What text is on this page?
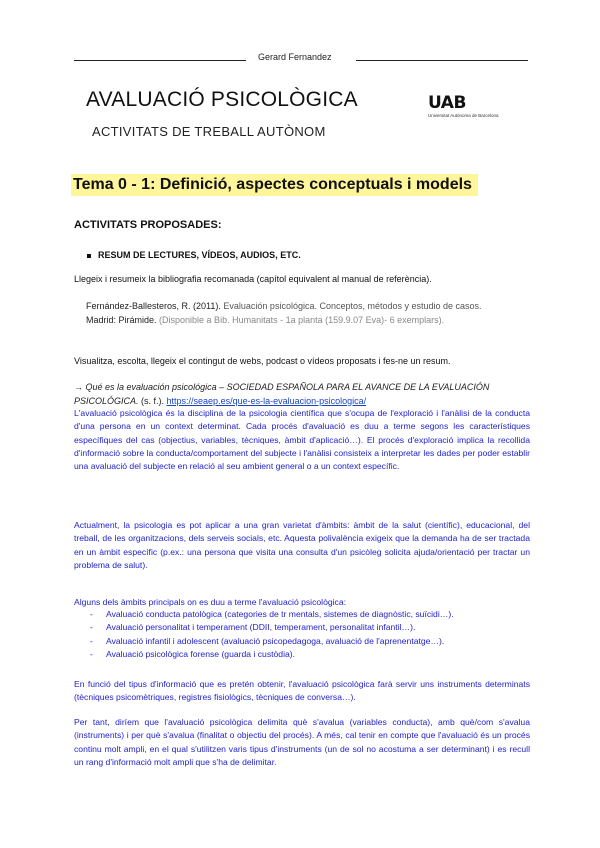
Gerard Fernandez
AVALUACIÓ PSICOLÒGICA
ACTIVITATS DE TREBALL AUTÒNOM
UAB
Universitat Autònoma de Barcelona
Tema 0 - 1: Definició, aspectes conceptuals i models
ACTIVITATS PROPOSADES:
RESUM DE LECTURES, VÍDEOS, AUDIOS, ETC.
Llegeix i resumeix la bibliografia recomanada (capítol equivalent al manual de referència).
Fernández-Ballesteros, R. (2011). Evaluación psicológica. Conceptos, métodos y estudio de casos.
Madrid: Pirámide. (Disponible a Bib. Humanitats - 1a planta (159.9.07 Eva)- 6 exemplars).
Visualitza, escolta, llegeix el contingut de webs, podcast o vídeos proposats i fes-ne un resum.
→ Qué es la evaluación psicológica – SOCIEDAD ESPAÑOLA PARA EL AVANCE DE LA EVALUACIÓN PSICOLÓGICA. (s. f.). https://seaep.es/que-es-la-evaluacion-psicologica/
L'avaluació psicològica és la disciplina de la psicologia científica que s'ocupa de l'exploració i l'anàlisi de la conducta d'una persona en un context determinat. Cada procés d'avaluació es duu a terme segons les característiques específiques del cas (objectius, variables, tècniques, àmbit d'aplicació…). El procés d'exploració implica la recollida d'informació sobre la conducta/comportament del subjecte i l'anàlisi consisteix a interpretar les dades per poder establir una avaluació del subjecte en relació al seu ambient general o a un context específic.
Actualment, la psicologia es pot aplicar a una gran varietat d'àmbits: àmbit de la salut (científic), educacional, del treball, de les organitzacions, dels serveis socials, etc. Aquesta polivalència exigeix que la demanda ha de ser tractada en un àmbit específic (p.ex.: una persona que visita una consulta d'un psicòleg solicita ajuda/orientació per tractar un problema de salut).
Alguns dels àmbits principals on es duu a terme l'avaluació psicològica:
- Avaluació conducta patològica (categories de tr mentals, sistemes de diagnòstic, suïcidi…).
- Avaluació personalitat i temperament (DDII, temperament, personalitat infantil…).
- Avaluació infantil i adolescent (avaluació psicopedagoga, avaluació de l'aprenentatge…).
- Avaluació psicològica forense (guarda i custòdia).
En funció del tipus d'informació que es pretén obtenir, l'avaluació psicològica farà servir uns instruments determinats (tècniques psicomètriques, registres fisiològics, tècniques de conversa…).
Per tant, diríem que l'avaluació psicològica delimita què s'avalua (variables conducta), amb què/com s'avalua (instruments) i per què s'avalua (finalitat o objectiu del procés). A més, cal tenir en compte que l'avaluació és un procés continu molt ampli, en el qual s'utilitzen varis tipus d'instruments (un de sol no acostuma a ser determinant) i es recull un rang d'informació molt ampli que s'ha de delimitar.
